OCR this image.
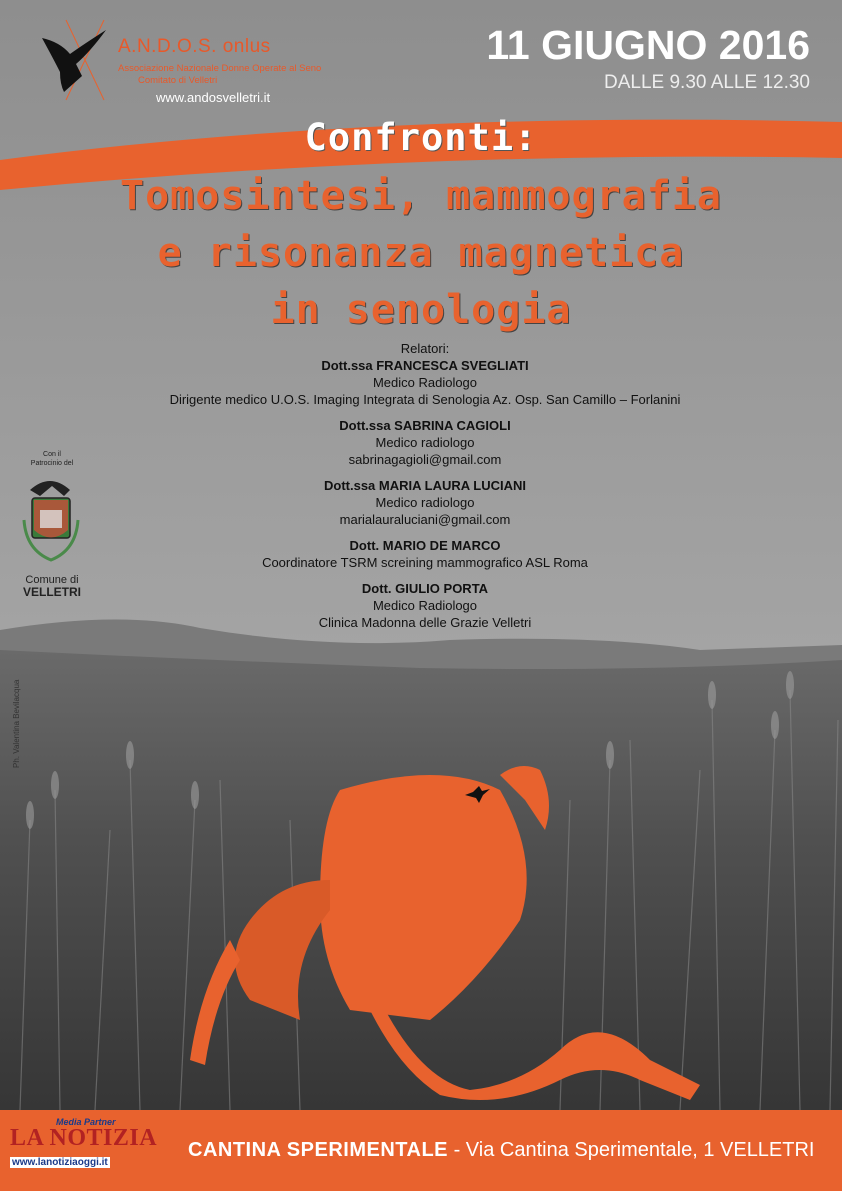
A.N.D.O.S. onlus
Associazione Nazionale Donne Operate al Seno
Comitato di Velletri
www.andosvelletri.it
11 GIUGNO 2016
DALLE 9.30 ALLE 12.30
Confronti:
Tomosintesi, mammografia
e risonanza magnetica
in senologia
Relatori:
Dott.ssa FRANCESCA SVEGLIATI
Medico Radiologo
Dirigente medico U.O.S. Imaging Integrata di Senologia Az. Osp. San Camillo – Forlanini
Dott.ssa SABRINA CAGIOLI
Medico radiologo
sabrinagagioli@gmail.com
Dott.ssa MARIA LAURA LUCIANI
Medico radiologo
marialauraluciani@gmail.com
Dott. MARIO DE MARCO
Coordinatore TSRM screining mammografico ASL Roma
Dott. GIULIO PORTA
Medico Radiologo
Clinica Madonna delle Grazie Velletri
Con il
Patrocinio del
Comune di
VELLETRI
Ph. Valentina Bevilacqua
Media Partner
LA NOTIZIA
www.lanotiziaoggi.it
CANTINA SPERIMENTALE - Via Cantina Sperimentale, 1 VELLETRI
